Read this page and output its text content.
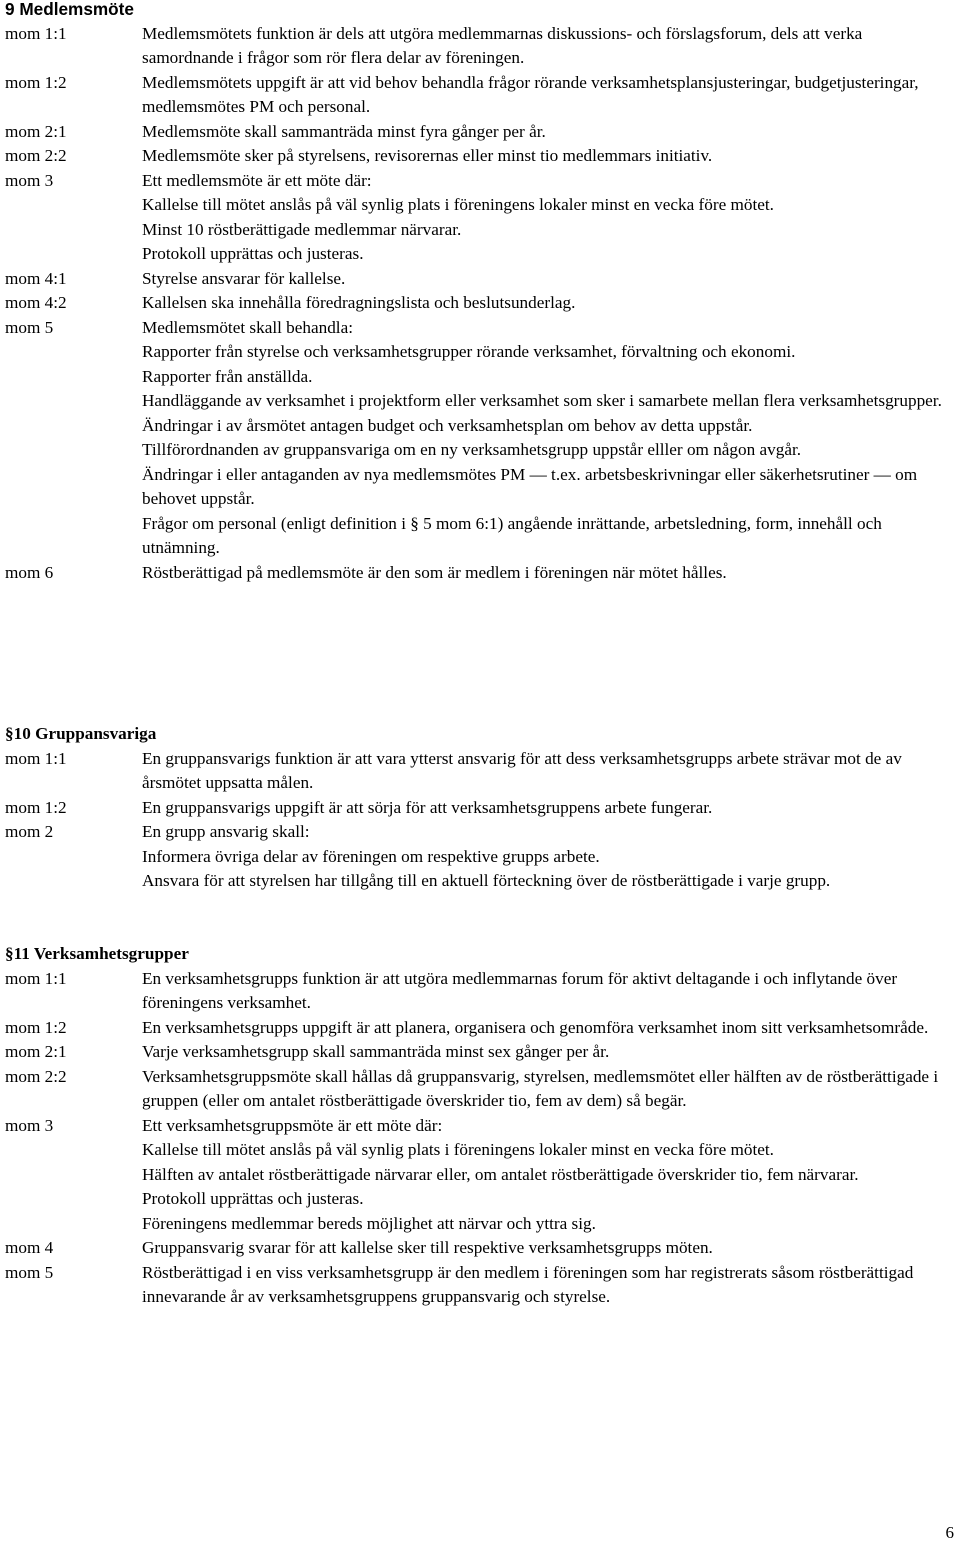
9 Medlemsmöte
mom 1:1	Medlemsmötets funktion är dels att utgöra medlemmarnas diskussions- och förslagsforum, dels att verka samordnande i frågor som rör flera delar av föreningen.
mom 1:2	Medlemsmötets uppgift är att vid behov behandla frågor rörande verksamhetsplansjusteringar, budgetjusteringar, medlemsmötes PM och personal.
mom 2:1	Medlemsmöte skall sammanträda minst fyra gånger per år.
mom 2:2	Medlemsmöte sker på styrelsens, revisorernas eller minst tio medlemmars initiativ.
mom 3	Ett medlemsmöte är ett möte där:
Kallelse till mötet anslås på väl synlig plats i föreningens lokaler minst en vecka före mötet.
Minst 10 röstberättigade medlemmar närvarar.
Protokoll upprättas och justeras.
mom 4:1	Styrelse ansvarar för kallelse.
mom 4:2	Kallelsen ska innehålla föredragningslista och beslutsunderlag.
mom 5	Medlemsmötet skall behandla:
Rapporter från styrelse och verksamhetsgrupper rörande verksamhet, förvaltning och ekonomi.
Rapporter från anställda.
Handläggande av verksamhet i projektform eller verksamhet som sker i samarbete mellan flera verksamhetsgrupper.
Ändringar i av årsmötet antagen budget och verksamhetsplan om behov av detta uppstår.
Tillförordnanden av gruppansvariga om en ny verksamhetsgrupp uppstår elller om någon avgår.
Ändringar i eller antaganden av nya medlemsmötes PM — t.ex. arbetsbeskrivningar eller säkerhetsrutiner — om behovet uppstår.
Frågor om personal (enligt definition i § 5 mom 6:1) angående inrättande, arbetsledning, form, innehåll och utnämning.
mom 6	Röstberättigad på medlemsmöte är den som är medlem i föreningen när mötet hålles.
§10 Gruppansvariga
mom 1:1	En gruppansvarigs funktion är att vara ytterst ansvarig för att dess verksamhetsgrupps arbete strävar mot de av årsmötet uppsatta målen.
mom 1:2	En gruppansvarigs uppgift är att sörja för att verksamhetsgruppens arbete fungerar.
mom 2	En grupp ansvarig skall:
Informera övriga delar av föreningen om respektive grupps arbete.
Ansvara för att styrelsen har tillgång till en aktuell förteckning över de röstberättigade i varje grupp.
§11 Verksamhetsgrupper
mom 1:1	En verksamhetsgrupps funktion är att utgöra medlemmarnas forum för aktivt deltagande i och inflytande över föreningens verksamhet.
mom 1:2	En verksamhetsgrupps uppgift är att planera, organisera och genomföra verksamhet inom sitt verksamhetsområde.
mom 2:1	Varje verksamhetsgrupp skall sammanträda minst sex gånger per år.
mom 2:2	Verksamhetsgruppsmöte skall hållas då gruppansvarig, styrelsen, medlemsmötet eller hälften av de röstberättigade i gruppen (eller om antalet röstberättigade överskrider tio, fem av dem) så begär.
mom 3	Ett verksamhetsgruppsmöte är ett möte där:
Kallelse till mötet anslås på väl synlig plats i föreningens lokaler minst en vecka före mötet.
Hälften av antalet röstberättigade närvarar eller, om antalet röstberättigade överskrider tio, fem närvarar.
Protokoll upprättas och justeras.
Föreningens medlemmar bereds möjlighet att närvar och yttra sig.
mom 4	Gruppansvarig svarar för att kallelse sker till respektive verksamhetsgrupps möten.
mom 5	Röstberättigad i en viss verksamhetsgrupp är den medlem i föreningen som har registrerats såsom röstberättigad innevarande år av verksamhetsgruppens gruppansvarig och styrelse.
6
